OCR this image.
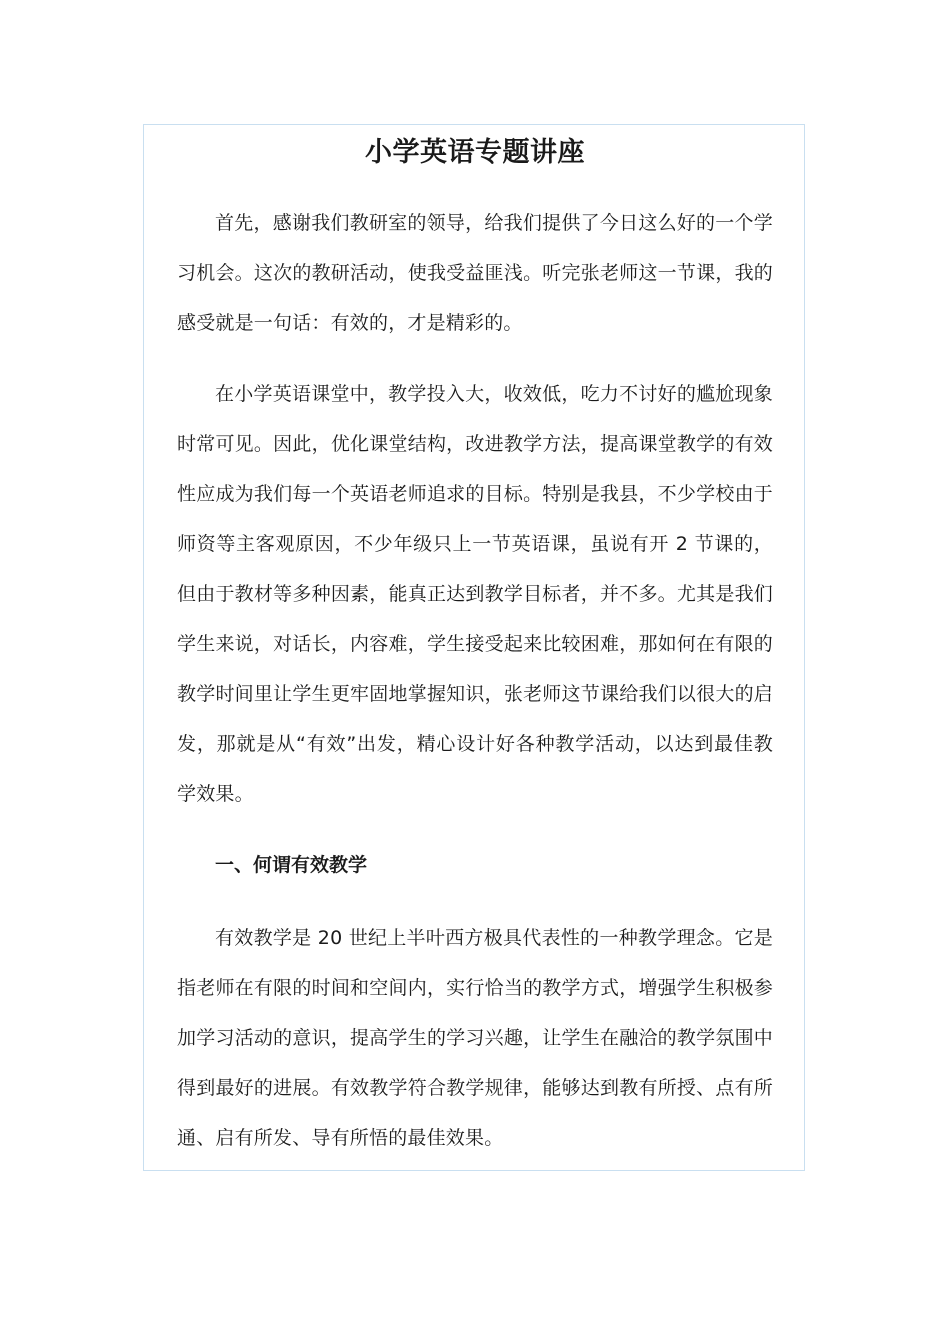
小学英语专题讲座

首先，感谢我们教研室的领导，给我们提供了今日这么好的一个学习机会。这次的教研活动，使我受益匪浅。听完张老师这一节课，我的感受就是一句话：有效的，才是精彩的。

在小学英语课堂中，教学投入大，收效低，吃力不讨好的尴尬现象时常可见。因此，优化课堂结构，改进教学方法，提高课堂教学的有效性应成为我们每一个英语老师追求的目标。特别是我县，不少学校由于师资等主客观原因，不少年级只上一节英语课，虽说有开 2 节课的，但由于教材等多种因素，能真正达到教学目标者，并不多。尤其是我们学生来说，对话长，内容难，学生接受起来比较困难，那如何在有限的教学时间里让学生更牢固地掌握知识，张老师这节课给我们以很大的启发，那就是从“有效”出发，精心设计好各种教学活动，以达到最佳教学效果。

一、何谓有效教学

有效教学是 20 世纪上半叶西方极具代表性的一种教学理念。它是指老师在有限的时间和空间内，实行恰当的教学方式，增强学生积极参加学习活动的意识，提高学生的学习兴趣，让学生在融洽的教学氛围中得到最好的进展。有效教学符合教学规律，能够达到教有所授、点有所通、启有所发、导有所悟的最佳效果。
